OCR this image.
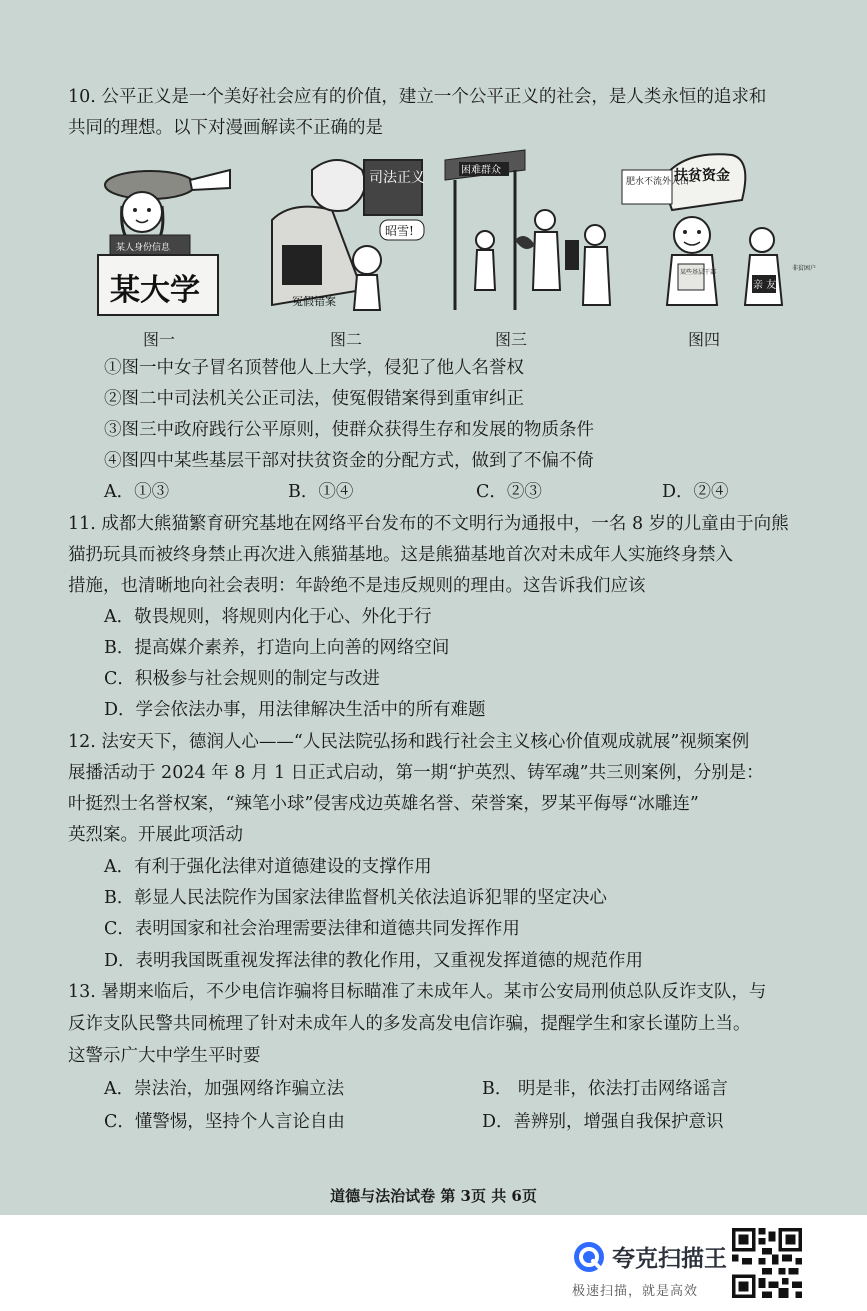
10. 公平正义是一个美好社会应有的价值，建立一个公平正义的社会，是人类永恒的追求和
共同的理想。以下对漫画解读不正确的是
某人身份信息
某大学
司法正义
昭雪!
冤假错案
困难群众	扶贫资金
肥水不流外人田~
某些基层干部
亲 友
非贫困户
图一	图二	图三	图四
①图一中女子冒名顶替他人上大学，侵犯了他人名誉权
②图二中司法机关公正司法，使冤假错案得到重审纠正
③图三中政府践行公平原则，使群众获得生存和发展的物质条件
④图四中某些基层干部对扶贫资金的分配方式，做到了不偏不倚
A．①③	B．①④	C．②③	D．②④
11. 成都大熊猫繁育研究基地在网络平台发布的不文明行为通报中，一名 8 岁的儿童由于向熊
猫扔玩具而被终身禁止再次进入熊猫基地。这是熊猫基地首次对未成年人实施终身禁入
措施，也清晰地向社会表明：年龄绝不是违反规则的理由。这告诉我们应该
A．敬畏规则，将规则内化于心、外化于行
B．提高媒介素养，打造向上向善的网络空间
C．积极参与社会规则的制定与改进
D．学会依法办事，用法律解决生活中的所有难题
12. 法安天下，德润人心——“人民法院弘扬和践行社会主义核心价值观成就展”视频案例
展播活动于 2024 年 8 月 1 日正式启动，第一期“护英烈、铸军魂”共三则案例，分别是：
叶挺烈士名誉权案，“辣笔小球”侵害戍边英雄名誉、荣誉案，罗某平侮辱“冰雕连”
英烈案。开展此项活动
A．有利于强化法律对道德建设的支撑作用
B．彰显人民法院作为国家法律监督机关依法追诉犯罪的坚定决心
C．表明国家和社会治理需要法律和道德共同发挥作用
D．表明我国既重视发挥法律的教化作用，又重视发挥道德的规范作用
13. 暑期来临后，不少电信诈骗将目标瞄准了未成年人。某市公安局刑侦总队反诈支队，与
反诈支队民警共同梳理了针对未成年人的多发高发电信诈骗，提醒学生和家长谨防上当。
这警示广大中学生平时要
A．崇法治，加强网络诈骗立法	B． 明是非，依法打击网络谣言
C．懂警惕，坚持个人言论自由	D．善辨别，增强自我保护意识
道德与法治试卷 第 3页 共 6页
夸克扫描王
极速扫描，就是高效
